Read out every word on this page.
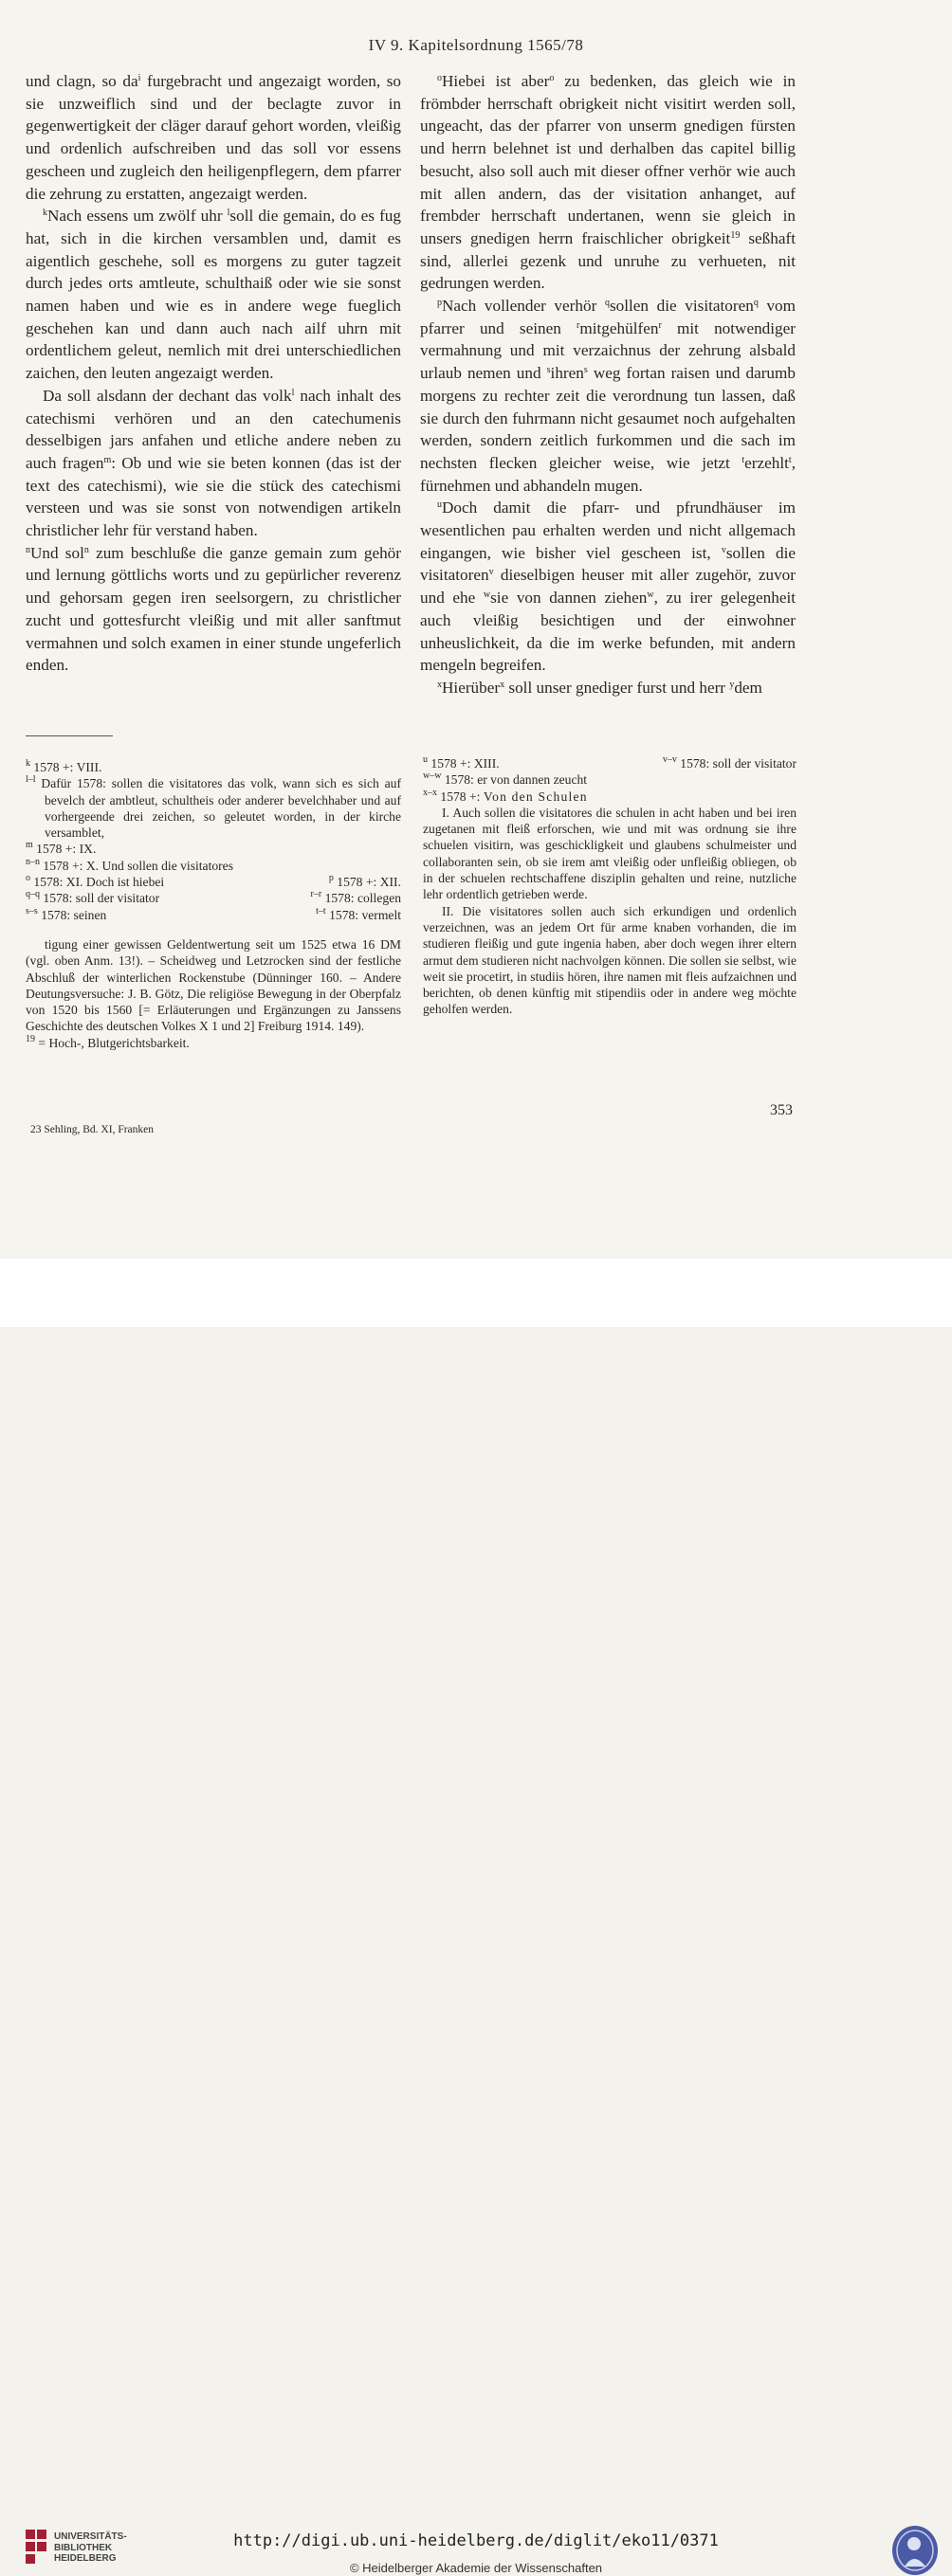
IV 9. Kapitelsordnung 1565/78

und clagn, so $da^i$ furgebracht und angezaigt worden, so sie unzweiflich sind und der beclagte zuvor in gegenwertigkeit der cläger darauf gehort worden, vleißig und ordenlich aufschreiben und das soll vor essens gescheen und zugleich den heiligenpflegern, dem pfarrer die zehrung zu erstatten, angezaigt werden.

$^k$Nach essens um zwölf uhr $^l$soll die gemain, do es fug hat, sich in die kirchen versamblen und, damit es aigentlich geschehe, soll es morgens zu guter tagzeit durch jedes orts amtleute, schulthaiß oder wie sie sonst namen haben und wie es in andere wege fueglich geschehen kan und dann auch nach ailf uhrn mit ordentlichem geleut, nemlich mit drei unterschiedlichen zaichen, den leuten angezaigt werden.

Da soll alsdann der dechant das volk$^l$ nach inhalt des catechismi verhören und an den catechumenis desselbigen jars anfahen und etliche andere neben zu auch fragen$^m$: Ob und wie sie beten konnen (das ist der text des catechismi), wie sie die stück des catechismi versteen und was sie sonst von notwendigen artikeln christlicher lehr für verstand haben.

$^n$Und sol$^n$ zum beschluße die ganze gemain zum gehör und lernung göttlichs worts und zu gepürlicher reverenz und gehorsam gegen iren seelsorgern, zu christlicher zucht und gottesfurcht vleißig und mit aller sanftmut vermahnen und solch examen in einer stunde ungeferlich enden.

$^o$Hiebei ist aber$^o$ zu bedenken, das gleich wie in frömbder herrschaft obrigkeit nicht visitirt werden soll, ungeacht, das der pfarrer von unserm gnedigen fürsten und herrn belehnet ist und derhalben das capitel billig besucht, also soll auch mit dieser offner verhör wie auch mit allen andern, das der visitation anhanget, auf frembder herrschaft undertanen, wenn sie gleich in unsers gnedigen herrn fraischlicher obrigkeit$^{19}$ seßhaft sind, allerlei gezenk und unruhe zu verhueten, nit gedrungen werden.

$^p$Nach vollender verhör $^q$sollen die visitatoren$^q$ vom pfarrer und seinen $^r$mitgehülfen$^r$ mit notwendiger vermahnung und mit verzaichnus der zehrung alsbald urlaub nemen und $^s$ihren$^s$ weg fortan raisen und darumb morgens zu rechter zeit die verordnung tun lassen, daß sie durch den fuhrmann nicht gesaumet noch aufgehalten werden, sondern zeitlich furkommen und die sach im nechsten flecken gleicher weise, wie jetzt $^t$erzehlt$^t$, fürnehmen und abhandeln mugen.

$^u$Doch damit die pfarr- und pfrundhäuser im wesentlichen pau erhalten werden und nicht allgemach eingangen, wie bisher viel gescheen ist, $^v$sollen die visitatoren$^v$ dieselbigen heuser mit aller zugehör, zuvor und ehe $^w$sie von dannen ziehen$^w$, zu irer gelegenheit auch vleißig besichtigen und der einwohner unheuslichkeit, da die im werke befunden, mit andern mengeln begreifen.

$^x$Hierüber$^x$ soll unser gnediger furst und herr $^y$dem

$^k$ 1578 +: VIII.
$^{l-l}$ Dafür 1578: sollen die visitatores das volk, wann sich es sich auf bevelch der ambtleut, schultheis oder anderer bevelchhaber und auf vorhergeende drei zeichen, so geleutet worden, in der kirche versamblet,
$^m$ 1578 +: IX.
$^{n-n}$ 1578 +: X. Und sollen die visitatores
$^o$ 1578: XI. Doch ist hiebei	$^p$ 1578 +: XII.
$^{q-q}$ 1578: soll der visitator	$^{r-r}$ 1578: collegen
$^{s-s}$ 1578: seinen	$^{t-t}$ 1578: vermelt
tigung einer gewissen Geldentwertung seit um 1525 etwa 16 DM (vgl. oben Anm. 13!). – Scheidweg und Letzrocken sind der festliche Abschluß der winterlichen Rockenstube (Dünninger 160. – Andere Deutungsversuche: J. B. Götz, Die religiöse Bewegung in der Oberpfalz von 1520 bis 1560 [= Erläuterungen und Ergänzungen zu Janssens Geschichte des deutschen Volkes X 1 und 2] Freiburg 1914. 149).
$^{19}$ = Hoch-, Blutgerichtsbarkeit.
$^u$ 1578 +: XIII.	$^{v-v}$ 1578: soll der visitator
$^{w-w}$ 1578: er von dannen zeucht
$^{x-x}$ 1578 +: Von den Schulen
I. Auch sollen die visitatores die schulen in acht haben und bei iren zugetanen mit fleiß erforschen, wie und mit was ordnung sie ihre schuelen visitirn, was geschickligkeit und glaubens schulmeister und collaboranten sein, ob sie irem amt vleißig oder unfleißig obliegen, ob in der schuelen rechtschaffene disziplin gehalten und reine, nutzliche lehr ordentlich getrieben werde.
II. Die visitatores sollen auch sich erkundigen und ordenlich verzeichnen, was an jedem Ort für arme knaben vorhanden, die im studieren fleißig und gute ingenia haben, aber doch wegen ihrer eltern armut dem studieren nicht nachvolgen können. Die sollen sie selbst, wie weit sie procetirt, in studiis hören, ihre namen mit fleis aufzaichnen und berichten, ob denen künftig mit stipendiis oder in andere weg möchte geholfen werden.
353
23 Sehling, Bd. XI, Franken
UNIVERSITÄTS-
BIBLIOTHEK
HEIDELBERG
http://digi.ub.uni-heidelberg.de/diglit/eko11/0371
© Heidelberger Akademie der Wissenschaften
